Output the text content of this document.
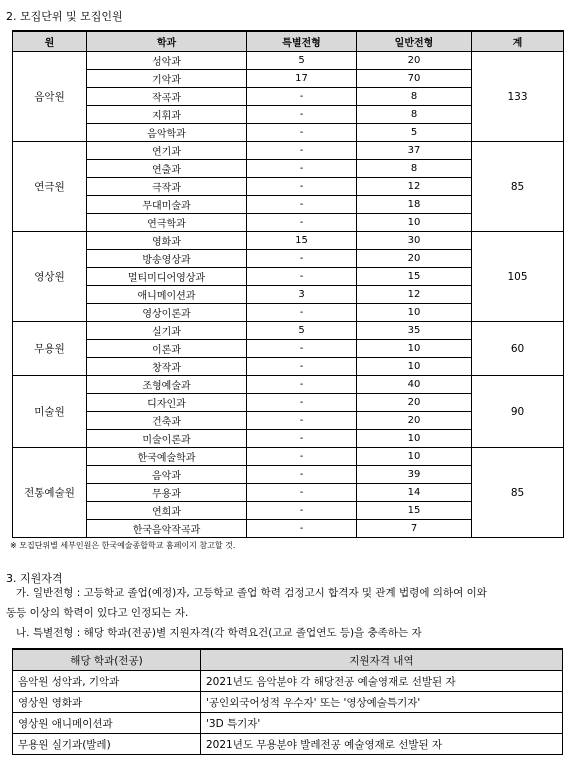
2. 모집단위 및 모집인원
원	학과	특별전형	일반전형	계
음악원	성악과	5	20	133
	기악과	17	70	
	작곡과	-	8	
	지휘과	-	8	
	음악학과	-	5	
연극원	연기과	-	37	85
	연출과	-	8	
	극작과	-	12	
	무대미술과	-	18	
	연극학과	-	10	
영상원	영화과	15	30	105
	방송영상과	-	20	
	멀티미디어영상과	-	15	
	애니메이션과	3	12	
	영상이론과	-	10	
무용원	실기과	5	35	60
	이론과	-	10	
	창작과	-	10	
미술원	조형예술과	-	40	90
	디자인과	-	20	
	건축과	-	20	
	미술이론과	-	10	
전통예술원	한국예술학과	-	10	85
	음악과	-	39	
	무용과	-	14	
	연희과	-	15	
	한국음악작곡과	-	7	
※ 모집단위별 세부인원은 한국예술종합학교 홈페이지 참고할 것.
3. 지원자격
가. 일반전형 : 고등학교 졸업(예정)자, 고등학교 졸업 학력 검정고시 합격자 및 관계 법령에 의하여 이와
동등 이상의 학력이 있다고 인정되는 자.
나. 특별전형 : 해당 학과(전공)별 지원자격(각 학력요건(고교 졸업연도 등)을 충족하는 자
해당 학과(전공)	지원자격 내역
음악원 성악과, 기악과	2021년도 음악분야 각 해당전공 예술영재로 선발된 자
영상원 영화과	'공인외국어성적 우수자' 또는 '영상예술특기자'
영상원 애니메이션과	'3D 특기자'
무용원 실기과(발레)	2021년도 무용분야 발레전공 예술영재로 선발된 자
